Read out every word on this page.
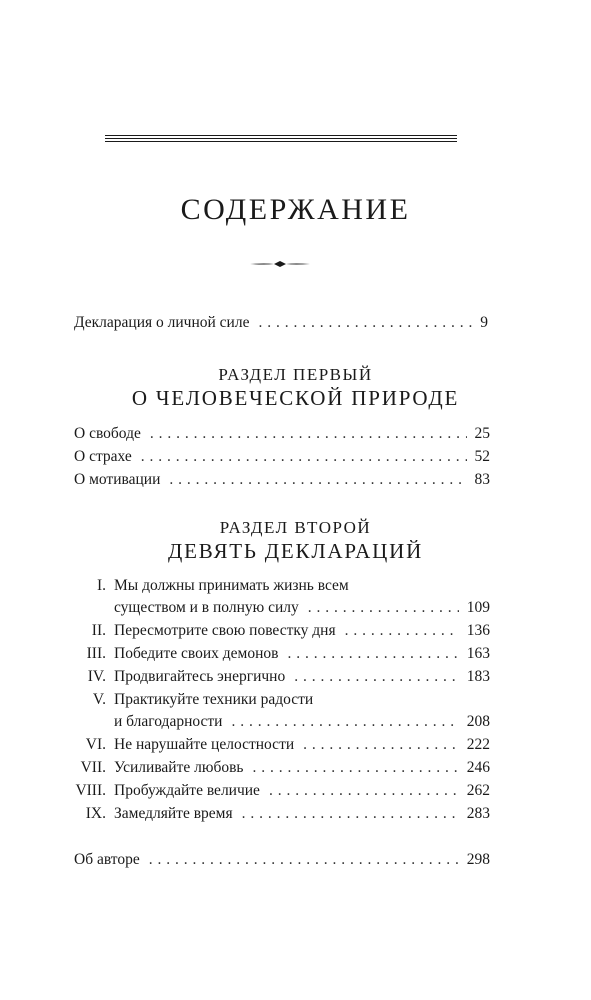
СОДЕРЖАНИЕ
Декларация о личной силе . . .	9
РАЗДЕЛ ПЕРВЫЙ
О ЧЕЛОВЕЧЕСКОЙ ПРИРОДЕ
О свободе . . .	25
О страхе . . .	52
О мотивации . . .	83
РАЗДЕЛ ВТОРОЙ
ДЕВЯТЬ ДЕКЛАРАЦИЙ
I. Мы должны принимать жизнь всем
существом и в полную силу . . .	109
II. Пересмотрите свою повестку дня . . .	136
III. Победите своих демонов . . .	163
IV. Продвигайтесь энергично . . .	183
V. Практикуйте техники радости
и благодарности . . .	208
VI. Не нарушайте целостности . . .	222
VII. Усиливайте любовь . . .	246
VIII. Пробуждайте величие . . .	262
IX. Замедляйте время . . .	283
Об авторе . . .	298
